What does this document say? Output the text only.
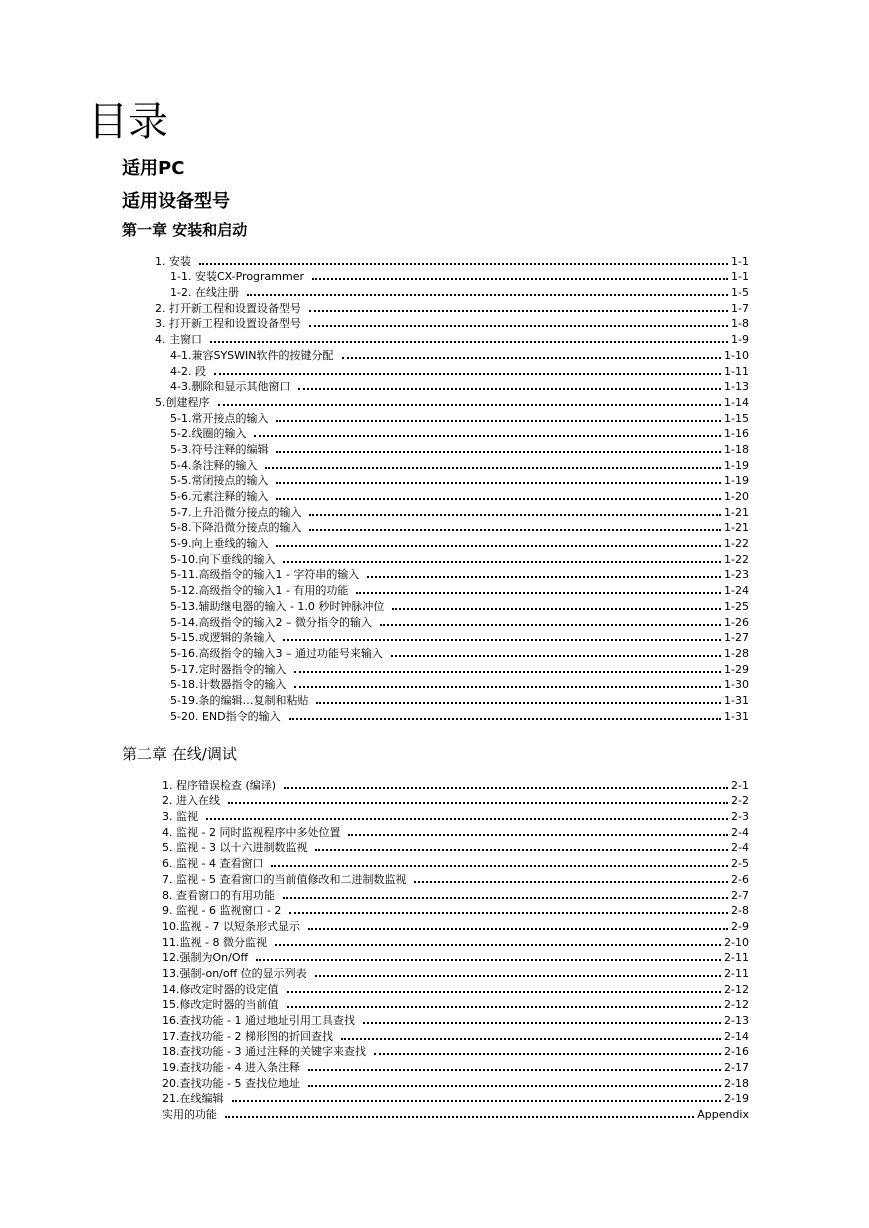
目录
适用PC
适用设备型号
第一章 安装和启动
1. 安装	1-1
1-1. 安装CX-Programmer	1-1
1-2. 在线注册	1-5
2. 打开新工程和设置设备型号	1-7
3. 打开新工程和设置设备型号	1-8
4. 主窗口	1-9
4-1.兼容SYSWIN软件的按键分配	1-10
4-2. 段	1-11
4-3.删除和显示其他窗口	1-13
5.创建程序	1-14
5-1.常开接点的输入	1-15
5-2.线圈的输入	1-16
5-3.符号注释的编辑	1-18
5-4.条注释的输入	1-19
5-5.常闭接点的输入	1-19
5-6.元素注释的输入	1-20
5-7.上升沿微分接点的输入	1-21
5-8.下降沿微分接点的输入	1-21
5-9.向上垂线的输入	1-22
5-10.向下垂线的输入	1-22
5-11.高级指令的输入1 - 字符串的输入	1-23
5-12.高级指令的输入1 - 有用的功能	1-24
5-13.辅助继电器的输入 - 1.0 秒时钟脉冲位	1-25
5-14.高级指令的输入2 – 微分指令的输入	1-26
5-15.或逻辑的条输入	1-27
5-16.高级指令的输入3 – 通过功能号来输入	1-28
5-17.定时器指令的输入	1-29
5-18.计数器指令的输入	1-30
5-19.条的编辑…复制和粘贴	1-31
5-20. END指令的输入	1-31
第二章 在线/调试
1. 程序错误检查 (编译)	2-1
2. 进入在线	2-2
3. 监视	2-3
4. 监视 - 2 同时监视程序中多处位置	2-4
5. 监视 - 3 以十六进制数监视	2-4
6. 监视 - 4 查看窗口	2-5
7. 监视 - 5 查看窗口的当前值修改和二进制数监视	2-6
8. 查看窗口的有用功能	2-7
9. 监视 - 6 监视窗口 - 2	2-8
10.监视 - 7 以短条形式显示	2-9
11.监视 - 8 微分监视	2-10
12.强制为On/Off	2-11
13.强制-on/off 位的显示列表	2-11
14.修改定时器的设定值	2-12
15.修改定时器的当前值	2-12
16.查找功能 - 1 通过地址引用工具查找	2-13
17.查找功能 - 2 梯形图的折回查找	2-14
18.查找功能 - 3 通过注释的关键字来查找	2-16
19.查找功能 - 4 进入条注释	2-17
20.查找功能 - 5 查找位地址	2-18
21.在线编辑	2-19
实用的功能	Appendix
